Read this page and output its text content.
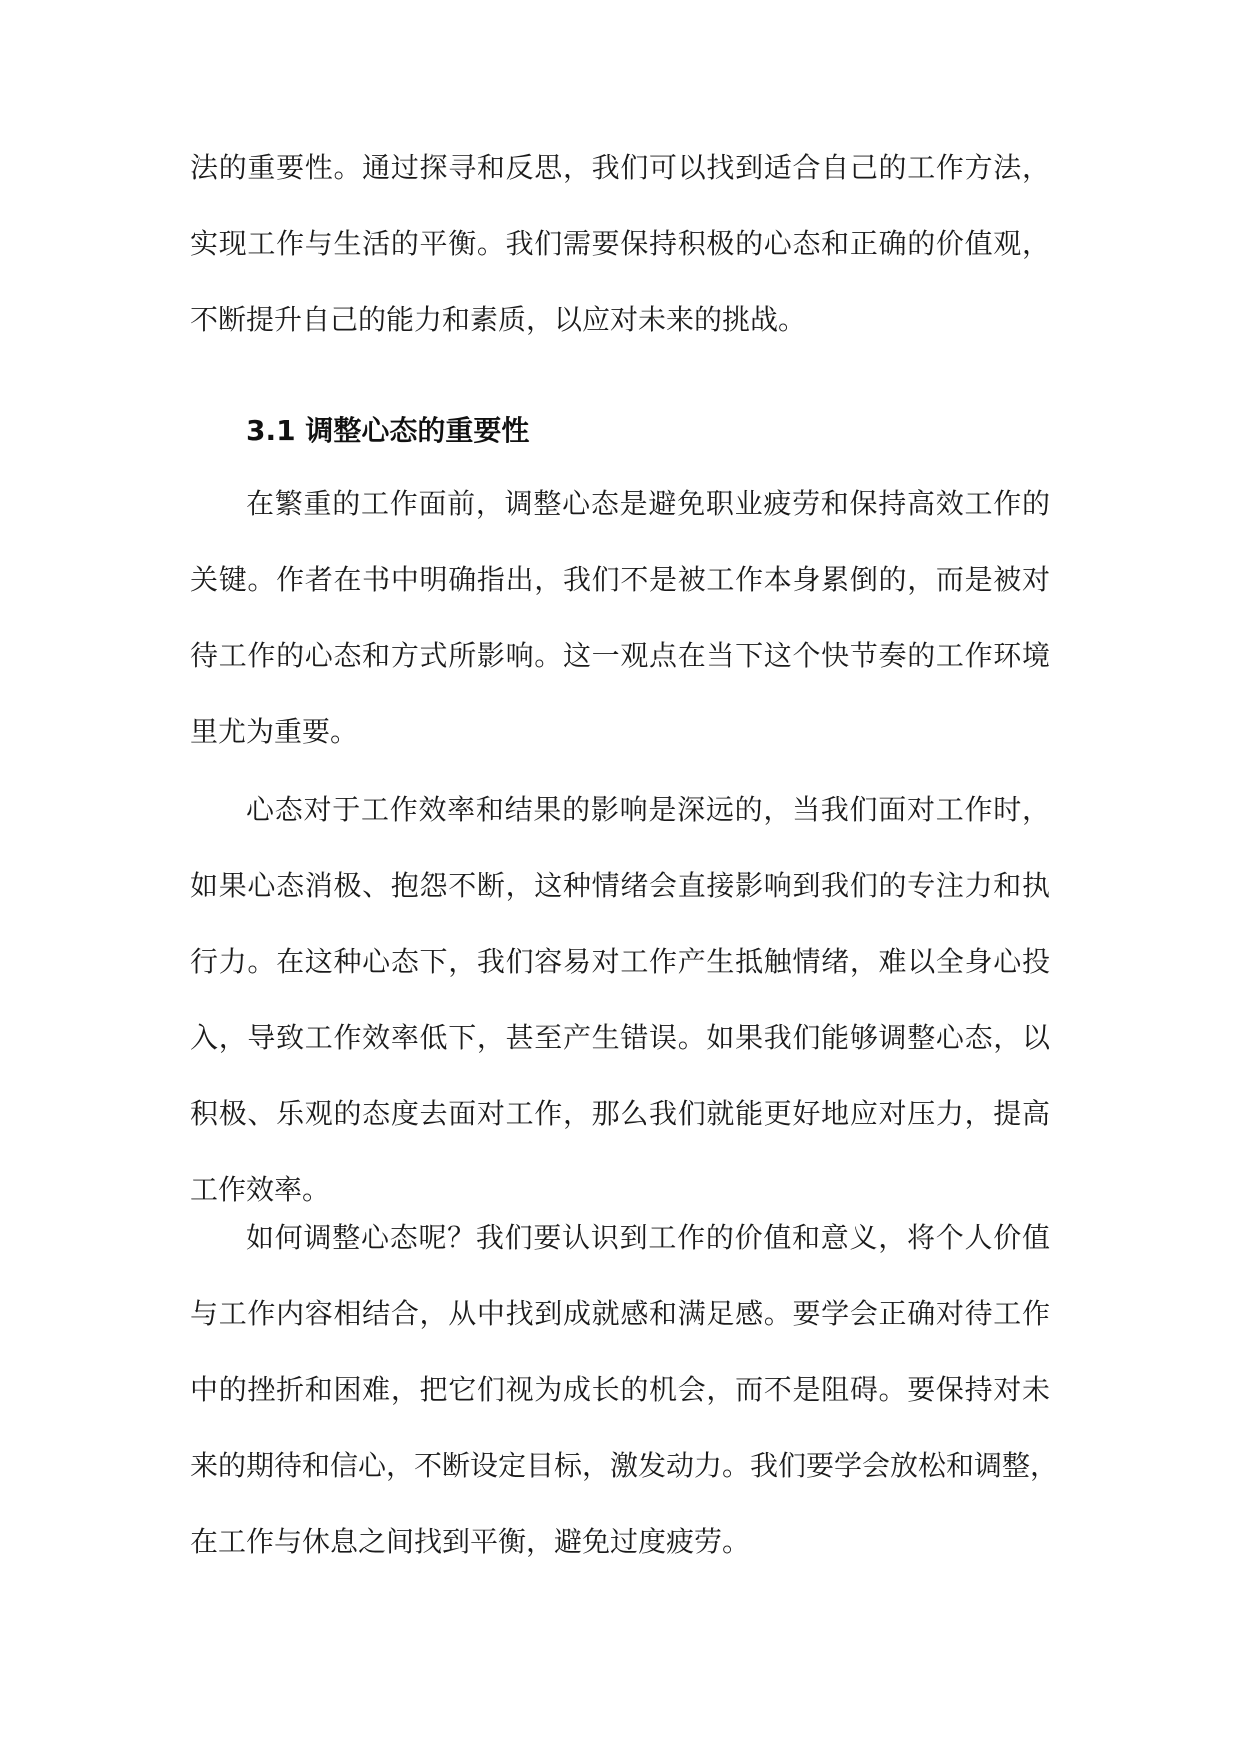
法的重要性。通过探寻和反思，我们可以找到适合自己的工作方法，
实现工作与生活的平衡。我们需要保持积极的心态和正确的价值观，
不断提升自己的能力和素质，以应对未来的挑战。
3.1 调整心态的重要性
在繁重的工作面前，调整心态是避免职业疲劳和保持高效工作的
关键。作者在书中明确指出，我们不是被工作本身累倒的，而是被对
待工作的心态和方式所影响。这一观点在当下这个快节奏的工作环境
里尤为重要。
心态对于工作效率和结果的影响是深远的，当我们面对工作时，
如果心态消极、抱怨不断，这种情绪会直接影响到我们的专注力和执
行力。在这种心态下，我们容易对工作产生抵触情绪，难以全身心投
入，导致工作效率低下，甚至产生错误。如果我们能够调整心态，以
积极、乐观的态度去面对工作，那么我们就能更好地应对压力，提高
工作效率。
如何调整心态呢？我们要认识到工作的价值和意义，将个人价值
与工作内容相结合，从中找到成就感和满足感。要学会正确对待工作
中的挫折和困难，把它们视为成长的机会，而不是阻碍。要保持对未
来的期待和信心，不断设定目标，激发动力。我们要学会放松和调整，
在工作与休息之间找到平衡，避免过度疲劳。
